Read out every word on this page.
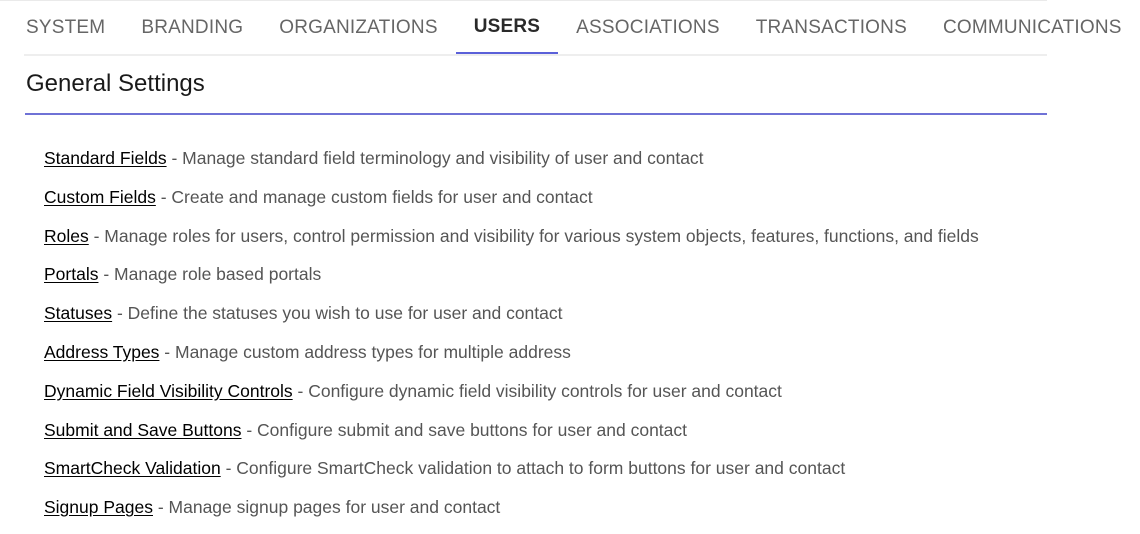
SYSTEM	BRANDING	ORGANIZATIONS	USERS	ASSOCIATIONS	TRANSACTIONS	COMMUNICATIONS
General Settings
Standard Fields - Manage standard field terminology and visibility of user and contact
Custom Fields - Create and manage custom fields for user and contact
Roles - Manage roles for users, control permission and visibility for various system objects, features, functions, and fields
Portals - Manage role based portals
Statuses - Define the statuses you wish to use for user and contact
Address Types - Manage custom address types for multiple address
Dynamic Field Visibility Controls - Configure dynamic field visibility controls for user and contact
Submit and Save Buttons - Configure submit and save buttons for user and contact
SmartCheck Validation - Configure SmartCheck validation to attach to form buttons for user and contact
Signup Pages - Manage signup pages for user and contact
